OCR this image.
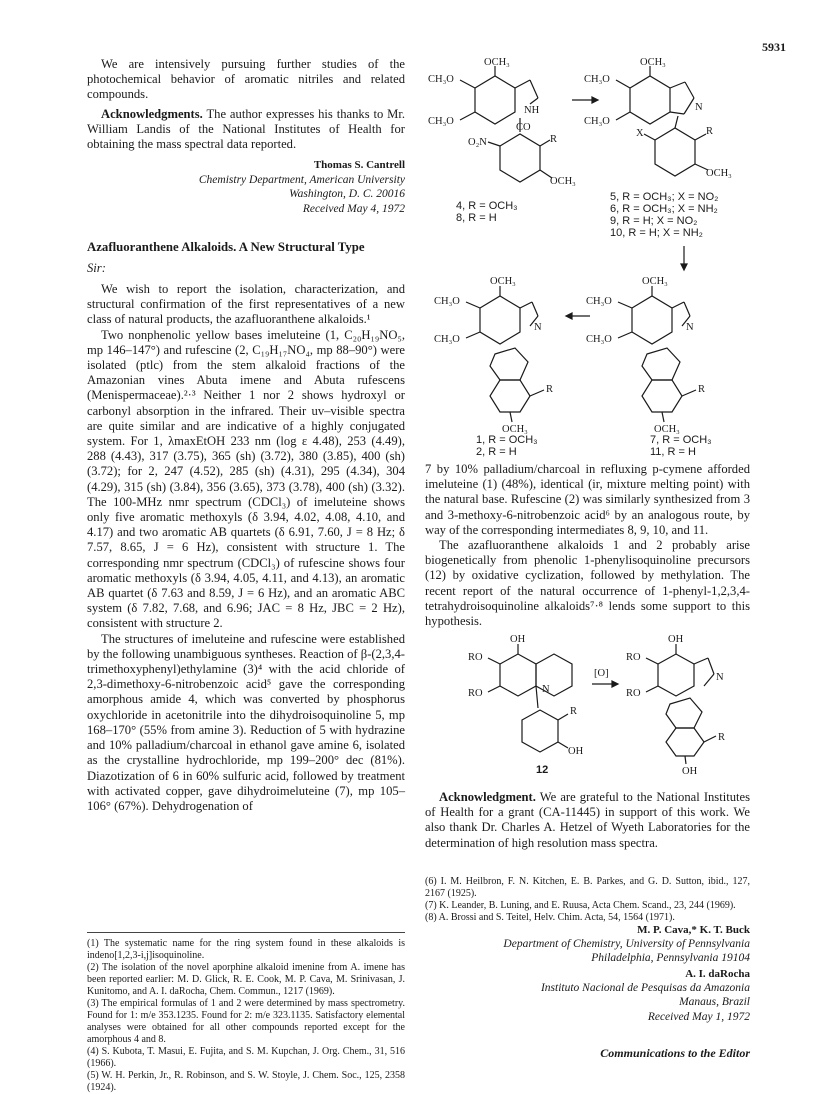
5931

We are intensively pursuing further studies of the photochemical behavior of aromatic nitriles and related compounds.

Acknowledgments. The author expresses his thanks to Mr. William Landis of the National Institutes of Health for obtaining the mass spectral data reported.

Thomas S. Cantrell
Chemistry Department, American University
Washington, D. C. 20016
Received May 4, 1972
Azafluoranthene Alkaloids. A New Structural Type
Sir:

We wish to report the isolation, characterization, and structural confirmation of the first representatives of a new class of natural products, the azafluoranthene alkaloids.¹

Two nonphenolic yellow bases imeluteine (1, C₂₀H₁₉NO₅, mp 146–147°) and rufescine (2, C₁₉H₁₇NO₄, mp 88–90°) were isolated (ptlc) from the stem alkaloid fractions of the Amazonian vines Abuta imene and Abuta rufescens (Menispermaceae).²·³ Neither 1 nor 2 shows hydroxyl or carbonyl absorption in the infrared. Their uv–visible spectra are quite similar and are indicative of a highly conjugated system. For 1, λmaxEtOH 233 nm (log ε 4.48), 253 (4.49), 288 (4.43), 317 (3.75), 365 (sh) (3.72), 380 (3.85), 400 (sh) (3.72); for 2, 247 (4.52), 285 (sh) (4.31), 295 (4.34), 304 (4.29), 315 (sh) (3.84), 356 (3.65), 373 (3.78), 400 (sh) (3.32). The 100-MHz nmr spectrum (CDCl₃) of imeluteine shows only five aromatic methoxyls (δ 3.94, 4.02, 4.08, 4.10, and 4.17) and two aromatic AB quartets (δ 6.91, 7.60, J = 8 Hz; δ 7.57, 8.65, J = 6 Hz), consistent with structure 1. The corresponding nmr spectrum (CDCl₃) of rufescine shows four aromatic methoxyls (δ 3.94, 4.05, 4.11, and 4.13), an aromatic AB quartet (δ 7.63 and 8.59, J = 6 Hz), and an aromatic ABC system (δ 7.82, 7.68, and 6.96; JAC = 8 Hz, JBC = 2 Hz), consistent with structure 2.

The structures of imeluteine and rufescine were established by the following unambiguous syntheses. Reaction of β-(2,3,4-trimethoxyphenyl)ethylamine (3)⁴ with the acid chloride of 2,3-dimethoxy-6-nitrobenzoic acid⁵ gave the corresponding amorphous amide 4, which was converted by phosphorus oxychloride in acetonitrile into the dihydroisoquinoline 5, mp 168–170° (55% from amine 3). Reduction of 5 with hydrazine and 10% palladium/charcoal in ethanol gave amine 6, isolated as the crystalline hydrochloride, mp 199–200° dec (81%). Diazotization of 6 in 60% sulfuric acid, followed by treatment with activated copper, gave dihydroimeluteine (7), mp 105–106° (67%). Dehydrogenation of

(1) The systematic name for the ring system found in these alkaloids is indeno[1,2,3-i,j]isoquinoline.
(2) The isolation of the novel aporphine alkaloid imenine from A. imene has been reported earlier: M. D. Glick, R. E. Cook, M. P. Cava, M. Srinivasan, J. Kunitomo, and A. I. daRocha, Chem. Commun., 1217 (1969).
(3) The empirical formulas of 1 and 2 were determined by mass spectrometry. Found for 1: m/e 353.1235. Found for 2: m/e 323.1135. Satisfactory elemental analyses were obtained for all other compounds reported except for the amorphous 4 and 8.
(4) S. Kubota, T. Masui, E. Fujita, and S. M. Kupchan, J. Org. Chem., 31, 516 (1966).
(5) W. H. Perkin, Jr., R. Robinson, and S. W. Stoyle, J. Chem. Soc., 125, 2358 (1924).
OCH₃
CH₃O
CH₃O
NH
CO
O₂N	R
OCH₃
OCH₃
CH₃O
CH₃O
N
X	R
OCH₃
OCH₃
CH₃O
CH₃O
N
R
OCH₃
OCH₃
CH₃O
CH₃O
N
R
OCH₃
4, R = OCH₃
8, R = H
5, R = OCH₃; X = NO₂
6, R = OCH₃; X = NH₂
9, R = H; X = NO₂
10, R = H; X = NH₂
1, R = OCH₃
2, R = H
7, R = OCH₃
11, R = H

7 by 10% palladium/charcoal in refluxing p-cymene afforded imeluteine (1) (48%), identical (ir, mixture melting point) with the natural base. Rufescine (2) was similarly synthesized from 3 and 3-methoxy-6-nitrobenzoic acid⁶ by an analogous route, by way of the corresponding intermediates 8, 9, 10, and 11.

The azafluoranthene alkaloids 1 and 2 probably arise biogenetically from phenolic 1-phenylisoquinoline precursors (12) by oxidative cyclization, followed by methylation. The recent report of the natural occurrence of 1-phenyl-1,2,3,4-tetrahydroisoquinoline alkaloids⁷·⁸ lends some support to this hypothesis.

OH
RO
RO	N
R
OH
[O]
OH
RO
RO
N
R
OH
12

Acknowledgment. We are grateful to the National Institutes of Health for a grant (CA-11445) in support of this work. We also thank Dr. Charles A. Hetzel of Wyeth Laboratories for the determination of high resolution mass spectra.

(6) I. M. Heilbron, F. N. Kitchen, E. B. Parkes, and G. D. Sutton, ibid., 127, 2167 (1925).
(7) K. Leander, B. Luning, and E. Ruusa, Acta Chem. Scand., 23, 244 (1969).
(8) A. Brossi and S. Teitel, Helv. Chim. Acta, 54, 1564 (1971).
M. P. Cava,* K. T. Buck
Department of Chemistry, University of Pennsylvania
Philadelphia, Pennsylvania 19104
A. I. daRocha
Instituto Nacional de Pesquisas da Amazonia
Manaus, Brazil
Received May 1, 1972
Communications to the Editor
